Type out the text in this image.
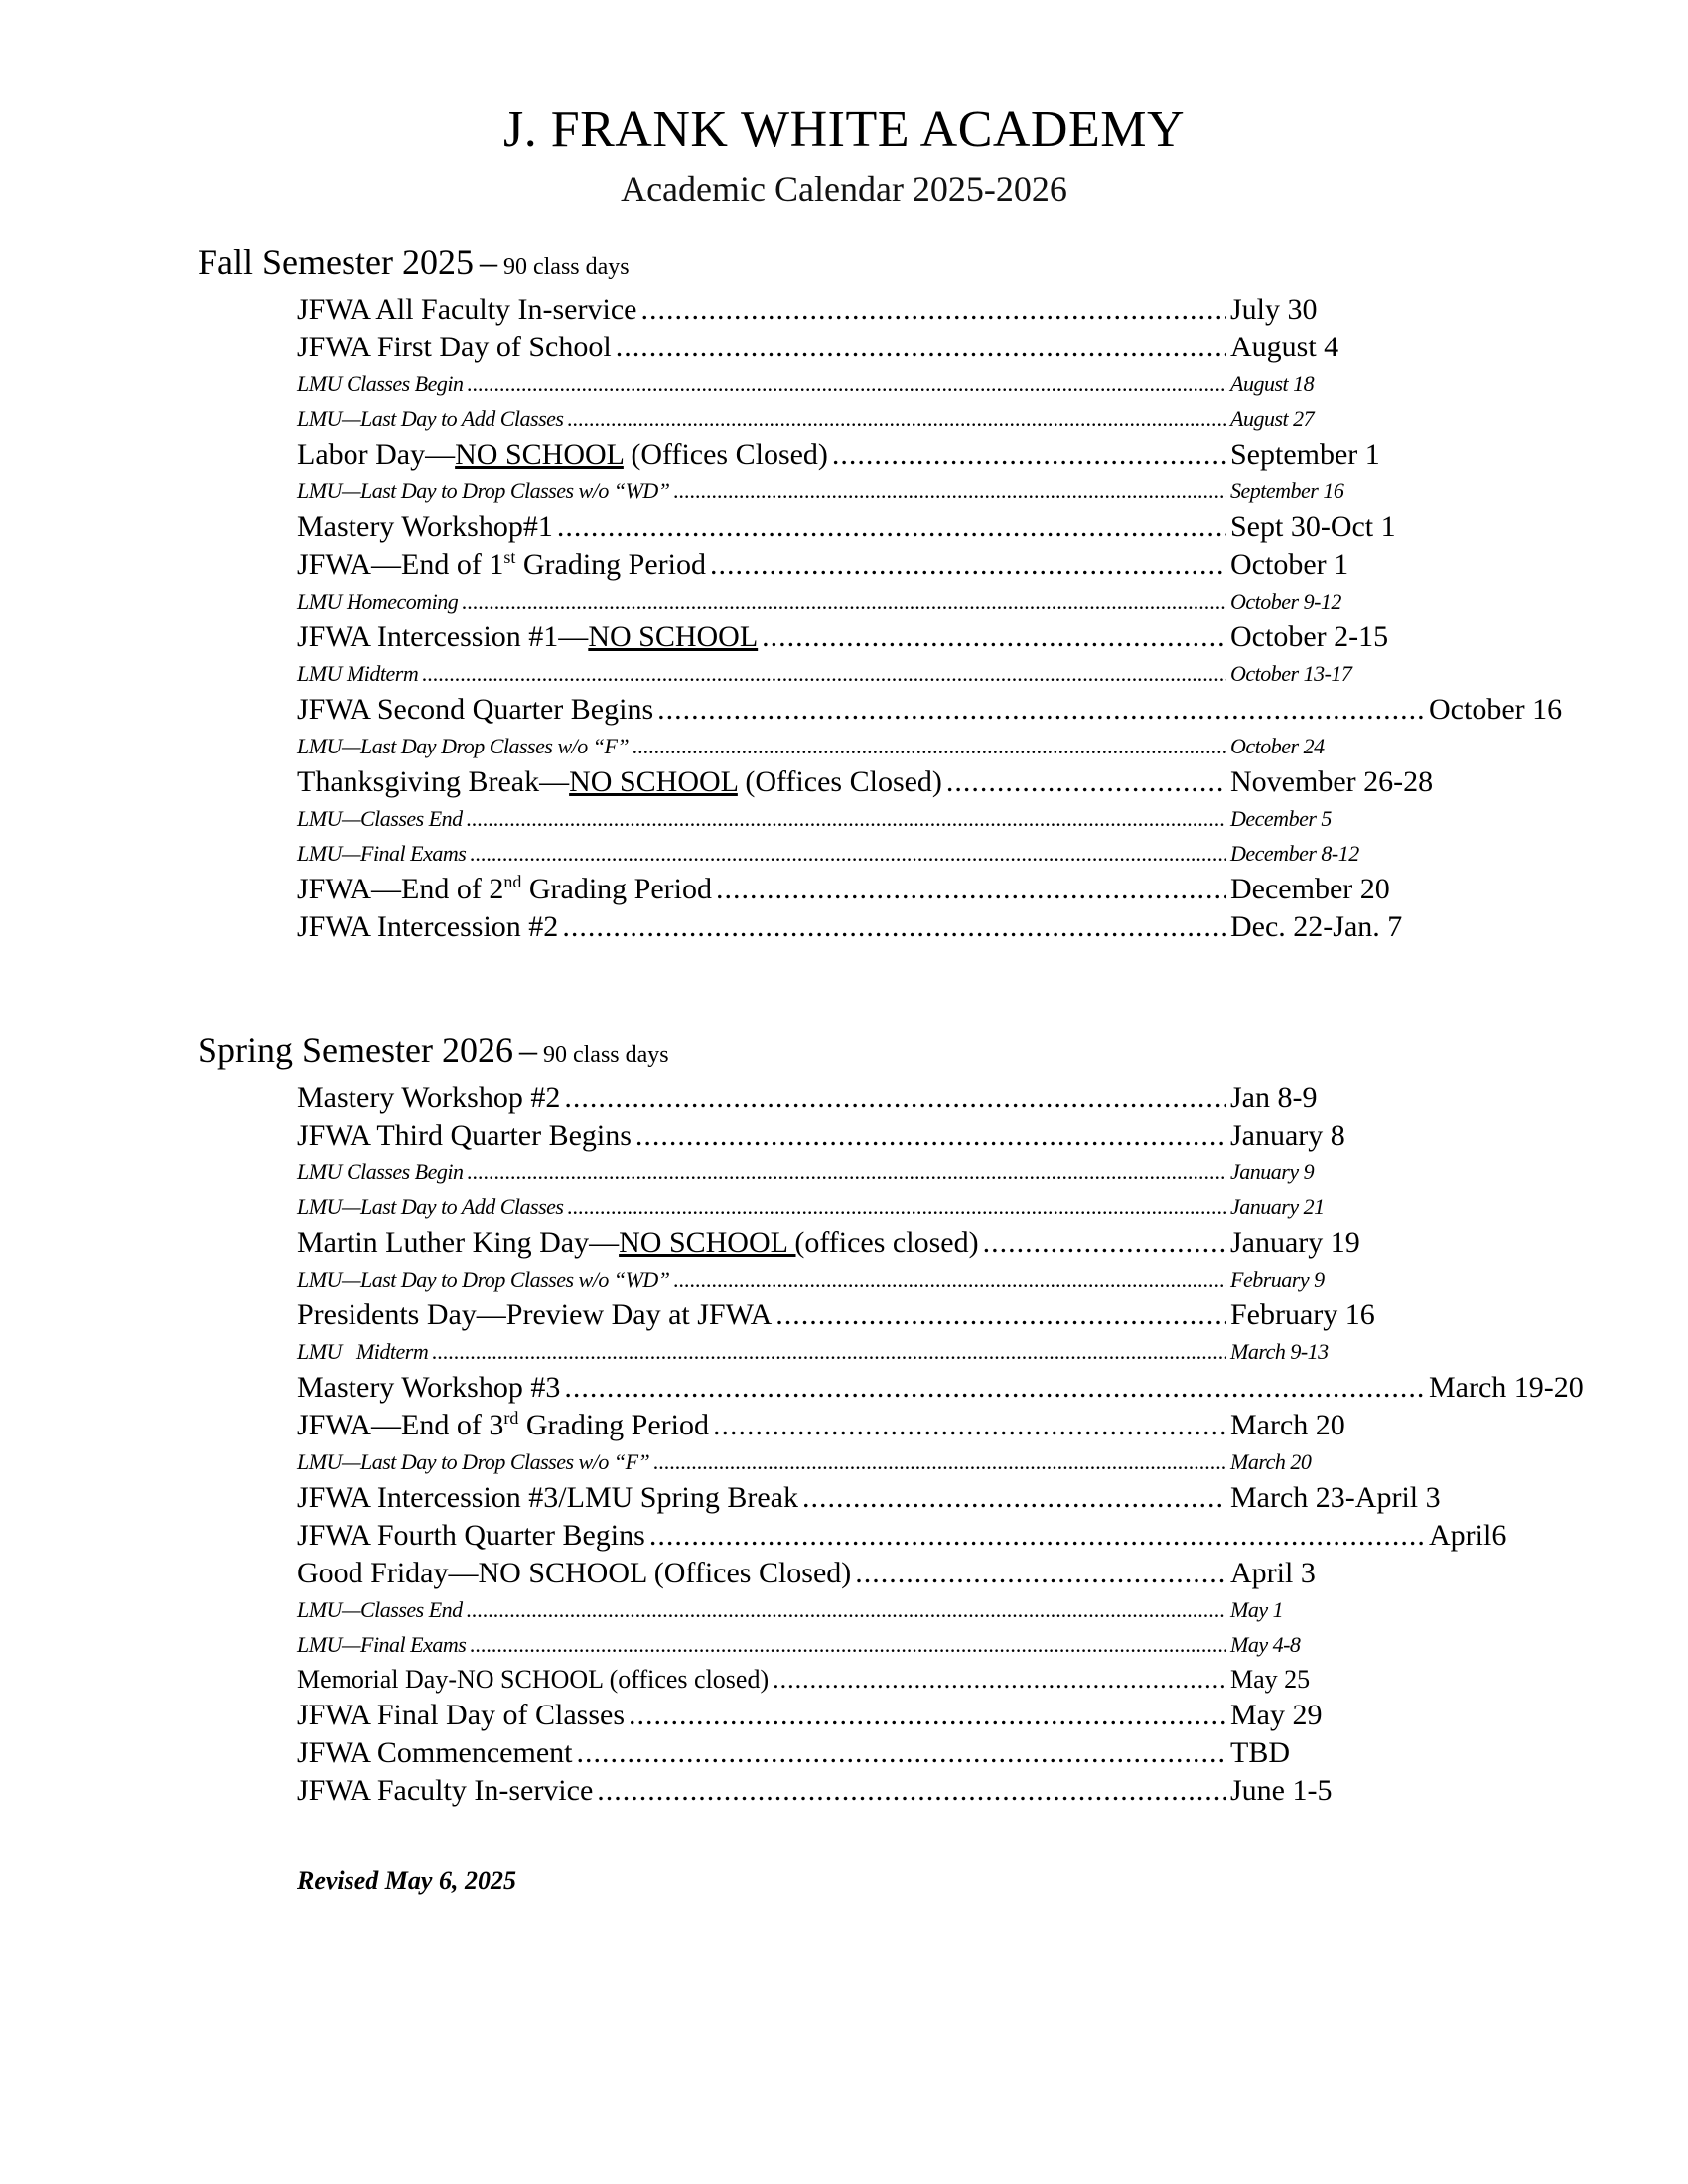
J. FRANK WHITE ACADEMY
Academic Calendar 2025-2026
Fall Semester 2025 – 90 class days
JFWA All Faculty In-service .....	July 30
JFWA First Day of School .....	August 4
LMU Classes Begin .....	August 18
LMU—Last Day to Add Classes .....	August 27
Labor Day—NO SCHOOL (Offices Closed) .....	September 1
LMU—Last Day to Drop Classes w/o “WD” .....	September 16
Mastery Workshop#1 .....	Sept 30-Oct 1
JFWA—End of 1st Grading Period .....	October 1
LMU Homecoming .....	October 9-12
JFWA Intercession #1—NO SCHOOL .....	October 2-15
LMU Midterm .....	October 13-17
JFWA Second Quarter Begins .....	October 16
LMU—Last Day Drop Classes w/o “F” .....	October 24
Thanksgiving Break—NO SCHOOL (Offices Closed) .....	November 26-28
LMU—Classes End .....	December 5
LMU—Final Exams .....	December 8-12
JFWA—End of 2nd Grading Period .....	December 20
JFWA Intercession #2 .....	Dec. 22-Jan. 7
Spring Semester 2026 – 90 class days
Mastery Workshop #2 .....	Jan 8-9
JFWA Third Quarter Begins .....	January 8
LMU Classes Begin .....	January 9
LMU—Last Day to Add Classes .....	January 21
Martin Luther King Day—NO SCHOOL (offices closed) .....	January 19
LMU—Last Day to Drop Classes w/o “WD” .....	February 9
Presidents Day—Preview Day at JFWA .....	February 16
LMU   Midterm .....	March 9-13
Mastery Workshop #3 .....	March 19-20
JFWA—End of 3rd Grading Period .....	March 20
LMU—Last Day to Drop Classes w/o “F” .....	March 20
JFWA Intercession #3/LMU Spring Break .....	March 23-April 3
JFWA Fourth Quarter Begins .....	April6
Good Friday—NO SCHOOL (Offices Closed) .....	April 3
LMU—Classes End .....	May 1
LMU—Final Exams .....	May 4-8
Memorial Day-NO SCHOOL (offices closed) .....	May 25
JFWA Final Day of Classes .....	May 29
JFWA Commencement .....	TBD
JFWA Faculty In-service .....	June 1-5
Revised May 6, 2025
